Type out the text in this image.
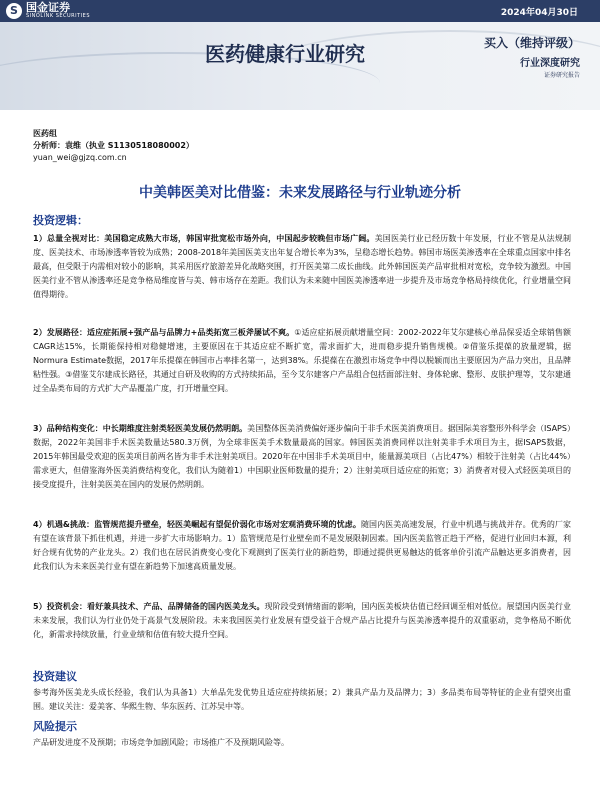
S 国金证券
SINOLINK SECURITIES	2024年04月30日
医药健康行业研究	买入（维持评级）
行业深度研究
证券研究报告
医药组
分析师：袁维（执业 S1130518080002）
yuan_wei@gjzq.com.cn
中美韩医美对比借鉴：未来发展路径与行业轨迹分析
投资逻辑：

1）总量全视对比：美国稳定成熟大市场，韩国审批宽松市场外向，中国起步较晚但市场广阔。美国医美行业已经历数十年发展，行业不管是从法规制度、医美技术、市场渗透率皆较为成熟；2008-2018年美国医美支出年复合增长率为3%，呈稳态增长趋势。韩国市场医美渗透率在全球重点国家中排名最高，但受限于内需相对较小的影响，其采用医疗旅游差异化战略突围，打开医美第二成长曲线。此外韩国医美产品审批相对宽松，竞争较为激烈。中国医美行业不管从渗透率还是竞争格局维度皆与美、韩市场存在差距。我们认为未来随中国医美渗透率进一步提升及市场竞争格局持续优化，行业增量空间值得期待。

2）发展路径：适应症拓展+强产品与品牌力+品类拓宽三板斧屡试不爽。①适应症拓展贡献增量空间：2002-2022年艾尔建核心单品保妥适全球销售额CAGR达15%，长期能保持相对稳健增速，主要原因在于其适应症不断扩宽，需求面扩大，进而稳步提升销售规模。②借鉴乐提葆的放量逻辑，据Normura Estimate数据，2017年乐提葆在韩国市占率排名第一，达到38%。乐提葆在在激烈市场竞争中得以脱颖而出主要原因为产品力突出，且品牌粘性强。③借鉴艾尔建成长路径，其通过自研及收购的方式持续拓品，至今艾尔建客户产品组合包括面部注射、身体轮廓、整形、皮肤护理等，艾尔建通过全品类布局的方式扩大产品覆盖广度，打开增量空间。

3）品种结构变化：中长期维度注射类轻医美发展仍然明朗。美国整体医美消费偏好逐步偏向于非手术医美消费项目。据国际美容整形外科学会（ISAPS）数据，2022年美国非手术医美数量达580.3万例，为全球非医美手术数量最高的国家。韩国医美消费同样以注射美非手术项目为主，据ISAPS数据，2015年韩国最受欢迎的医美项目前两名皆为非手术注射美项目。2020年在中国非手术美项目中，能量源美项目（占比47%）相较于注射美（占比44%）需求更大，但借鉴海外医美消费结构变化，我们认为随着1）中国职业医师数量的提升；2）注射美项目适应症的拓宽；3）消费者对侵入式轻医美项目的接受度提升，注射美医美在国内的发展仍然明朗。

4）机遇&挑战：监管规范提升壁垒，轻医美崛起有望促价弱化市场对宏观消费环境的忧虑。随国内医美高速发展，行业中机遇与挑战并存。优秀的厂家有望在该背景下抓住机遇，并进一步扩大市场影响力。1）监管规范是行业壁垒而不是发展限制因素。国内医美监管正趋于严格，促进行业回归本源，利好合规有优势的产业龙头。2）我们也在居民消费变心变化下观测到了医美行业的新趋势，即通过提供更易触达的低客单价引流产品触达更多消费者，因此我们认为未来医美行业有望在新趋势下加速高质量发展。

5）投资机会：看好兼具技术、产品、品牌储备的国内医美龙头。现阶段受到情绪面的影响，国内医美板块估值已经回调至相对低位。展望国内医美行业未来发展，我们认为行业仍处于高景气发展阶段。未来我国医美行业发展有望受益于合规产品占比提升与医美渗透率提升的双重驱动，竞争格局不断优化，新需求持续放量，行业业绩和估值有较大提升空间。

投资建议

参考海外医美龙头成长经验，我们认为具备1）大单品先发优势且适应症持续拓展；2）兼具产品力及品牌力；3）多品类布局等特征的企业有望突出重围。建议关注：爱美客、华熙生物、华东医药、江苏吴中等。

风险提示

产品研发进度不及预期；市场竞争加剧风险；市场推广不及预期风险等。
